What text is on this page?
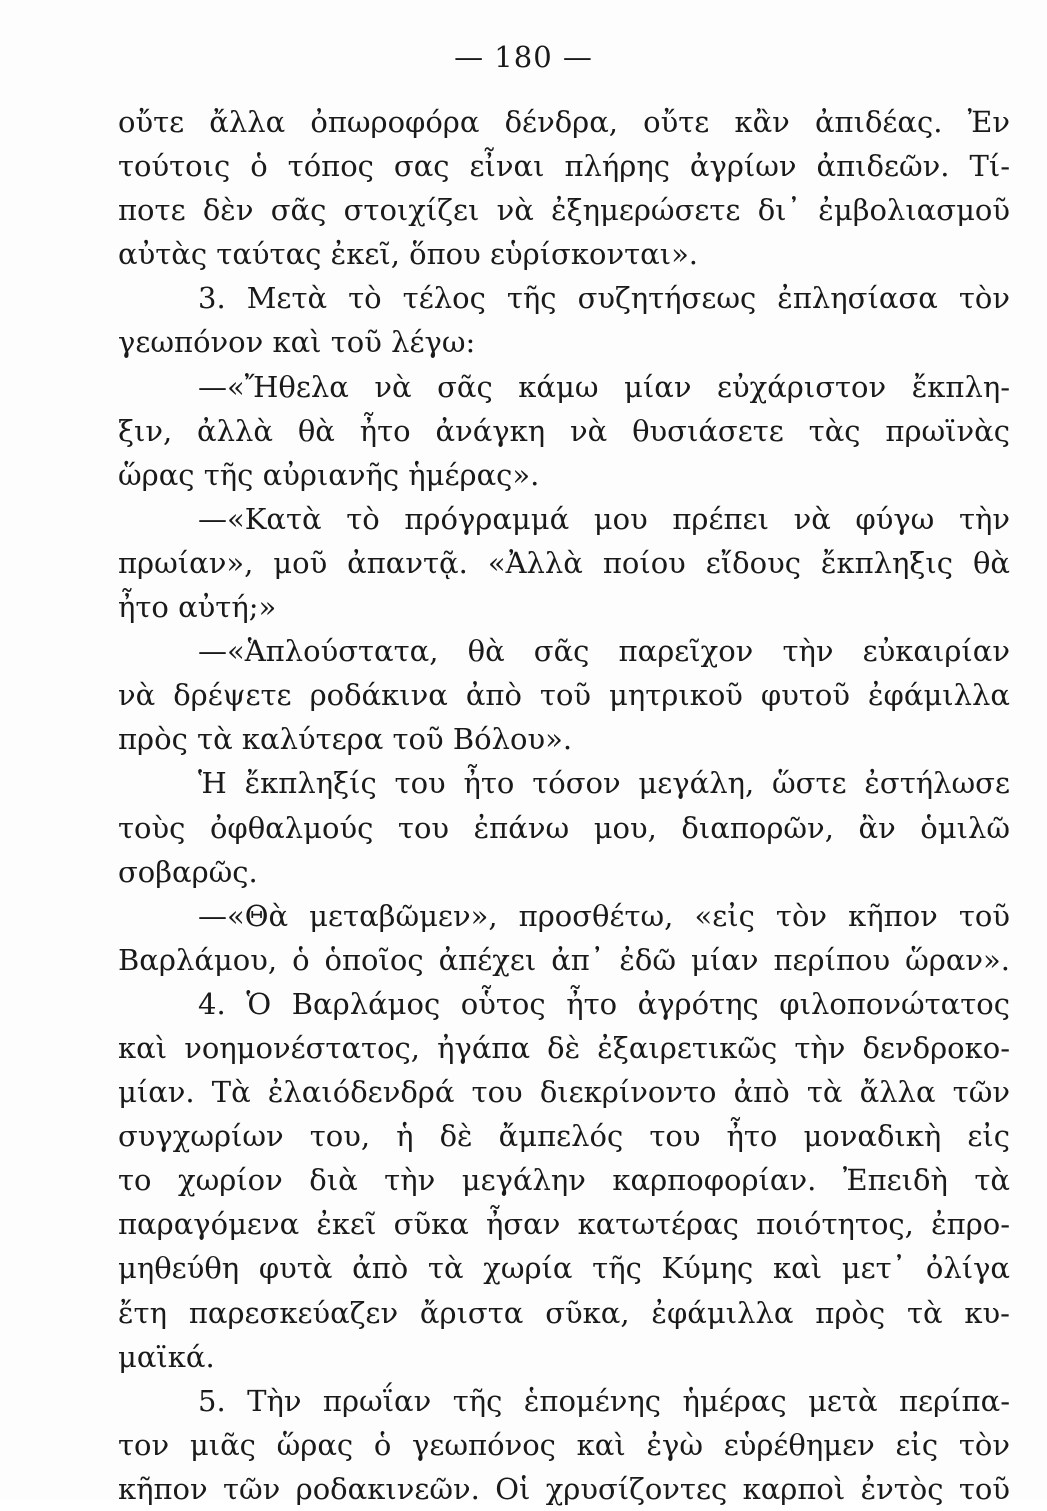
— 180 —
οὔτε ἄλλα ὀπωροφόρα δένδρα, οὔτε κἂν ἀπιδέας. Ἐν
τούτοις ὁ τόπος σας εἶναι πλήρης ἀγρίων ἀπιδεῶν. Τί-
ποτε δὲν σᾶς στοιχίζει νὰ ἐξημερώσετε δι᾽ ἐμβολιασμοῦ
αὐτὰς ταύτας ἐκεῖ, ὅπου εὑρίσκονται».
3. Μετὰ τὸ τέλος τῆς συζητήσεως ἐπλησίασα τὸν
γεωπόνον καὶ τοῦ λέγω:
—«Ἤθελα νὰ σᾶς κάμω μίαν εὐχάριστον ἔκπλη-
ξιν, ἀλλὰ θὰ ἦτο ἀνάγκη νὰ θυσιάσετε τὰς πρωϊνὰς
ὥρας τῆς αὐριανῆς ἡμέρας».
—«Κατὰ τὸ πρόγραμμά μου πρέπει νὰ φύγω τὴν
πρωίαν», μοῦ ἀπαντᾷ. «Ἀλλὰ ποίου εἴδους ἔκπληξις θὰ
ἦτο αὐτή;»
—«Ἁπλούστατα, θὰ σᾶς παρεῖχον τὴν εὐκαιρίαν
νὰ δρέψετε ροδάκινα ἀπὸ τοῦ μητρικοῦ φυτοῦ ἐφάμιλλα
πρὸς τὰ καλύτερα τοῦ Βόλου».
Ἡ ἔκπληξίς του ἦτο τόσον μεγάλη, ὥστε ἐστήλωσε
τοὺς ὀφθαλμούς του ἐπάνω μου, διαπορῶν, ἂν ὁμιλῶ
σοβαρῶς.
—«Θὰ μεταβῶμεν», προσθέτω, «εἰς τὸν κῆπον τοῦ
Βαρλάμου, ὁ ὁποῖος ἀπέχει ἀπ᾽ ἐδῶ μίαν περίπου ὥραν».
4. Ὁ Βαρλάμος οὗτος ἦτο ἀγρότης φιλοπονώτατος
καὶ νοημονέστατος, ἠγάπα δὲ ἐξαιρετικῶς τὴν δενδροκο-
μίαν. Τὰ ἐλαιόδενδρά του διεκρίνοντο ἀπὸ τὰ ἄλλα τῶν
συγχωρίων του, ἡ δὲ ἄμπελός του ἦτο μοναδικὴ εἰς
το χωρίον διὰ τὴν μεγάλην καρποφορίαν. Ἐπειδὴ τὰ
παραγόμενα ἐκεῖ σῦκα ἦσαν κατωτέρας ποιότητος, ἐπρο-
μηθεύθη φυτὰ ἀπὸ τὰ χωρία τῆς Κύμης καὶ μετ᾽ ὀλίγα
ἔτη παρεσκεύαζεν ἄριστα σῦκα, ἐφάμιλλα πρὸς τὰ κυ-
μαϊκά.
5. Τὴν πρωΐαν τῆς ἑπομένης ἡμέρας μετὰ περίπα-
τον μιᾶς ὥρας ὁ γεωπόνος καὶ ἐγὼ εὑρέθημεν εἰς τὸν
κῆπον τῶν ροδακινεῶν. Οἱ χρυσίζοντες καρποὶ ἐντὸς τοῦ
